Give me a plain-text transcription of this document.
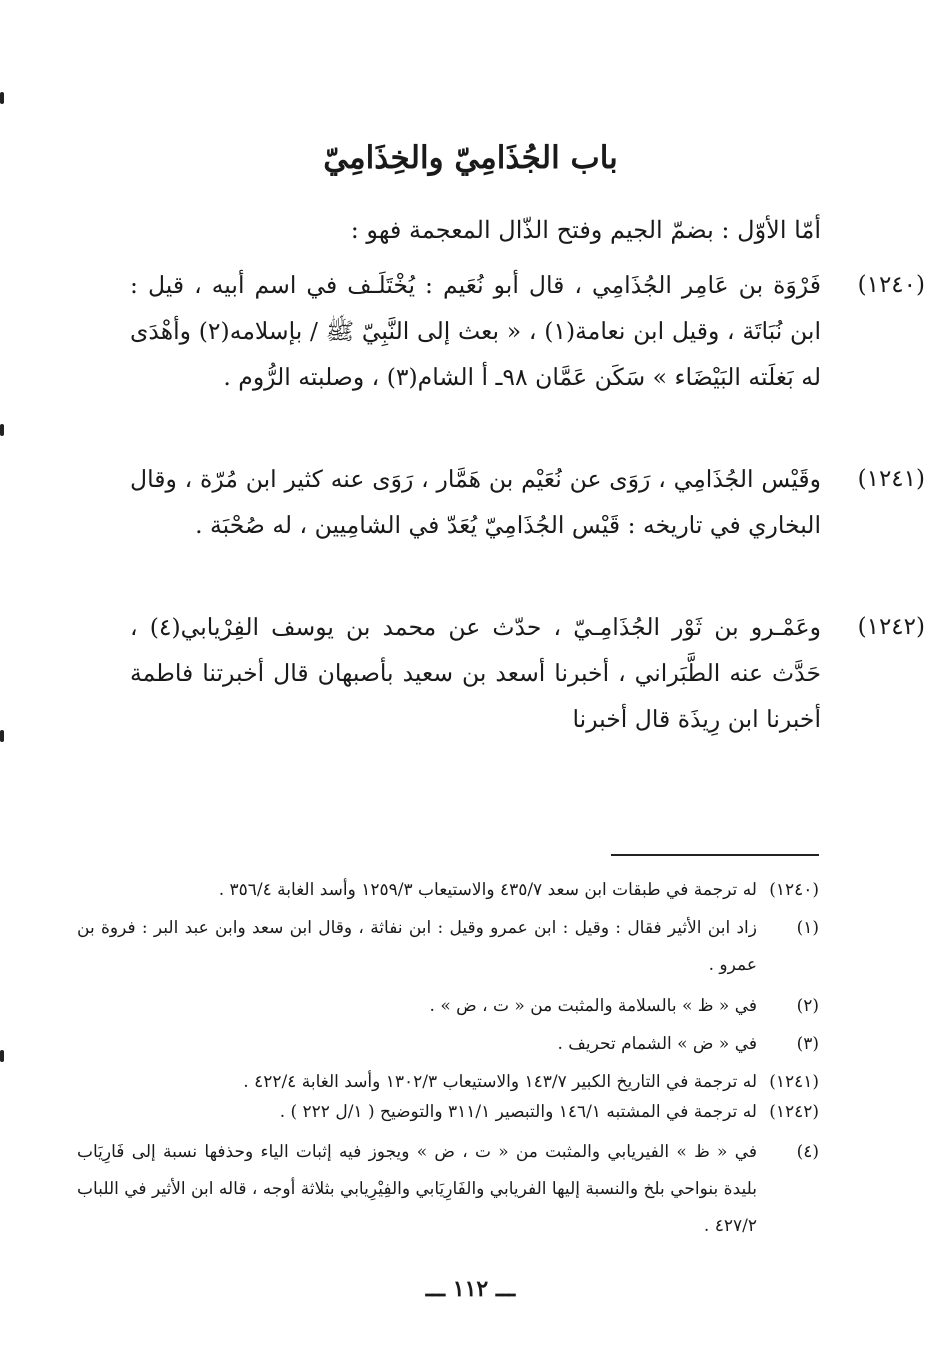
باب الجُذَامِيّ والخِذَامِيّ
أمّا الأوّل : بضمّ الجيم وفتح الذّال المعجمة فهو :
(١٢٤٠)

فَرْوَة بن عَامِر الجُذَامِي ، قال أبو نُعَيم : يُخْتَلَـف في اسم أبيه ، قيل : ابن نُبَاتَة ، وقيل ابن نعامة(١) ، « بعث إلى النَّبِيّ ﷺ / بإسلامه(٢) وأهْدَى له بَغلَته البَيْضَاء » سَكَن عَمَّان ٩٨ـ أ الشام(٣) ، وصلبته الرُّوم .

(١٢٤١)

وقَيْس الجُذَامِي ، رَوَى عن نُعَيْم بن هَمَّار ، رَوَى عنه كثير ابن مُرّة ، وقال البخاري في تاريخه : قَيْس الجُذَامِيّ يُعَدّ في الشامِيين ، له صُحْبَة .

(١٢٤٢)

وعَمْـرو بن ثَوْر الجُذَامِـيّ ، حدّث عن محمد بن يوسف الفِرْيابي(٤) ، حَدَّث عنه الطَّبَراني ، أخبرنا أسعد بن سعيد بأصبهان قال أخبرتنا فاطمة أخبرنا ابن رِيذَة قال أخبرنا

(١٢٤٠)له ترجمة في طبقات ابن سعد ٤٣٥/٧ والاستيعاب ١٢٥٩/٣ وأسد الغابة ٣٥٦/٤ .
(١)زاد ابن الأثير فقال : وقيل : ابن عمرو وقيل : ابن نفاثة ، وقال ابن سعد وابن عبد البر : فروة بن عمرو .
(٢)في « ظ » بالسلامة والمثبت من « ت ، ض » .
(٣)في « ض » الشمام تحريف .
(١٢٤١)له ترجمة في التاريخ الكبير ١٤٣/٧ والاستيعاب ١٣٠٢/٣ وأسد الغابة ٤٢٢/٤ .
(١٢٤٢)له ترجمة في المشتبه ١٤٦/١ والتبصير ٣١١/١ والتوضيح ( ١/ل ٢٢٢ ) .
(٤)في « ظ » الفيريابي والمثبت من « ت ، ض » ويجوز فيه إثبات الياء وحذفها نسبة إلى فَارِيَاب بليدة بنواحي بلخ والنسبة إليها الفريابي والفَارِيَابي والفِيْرِيابي بثلاثة أوجه ، قاله ابن الأثير في اللباب ٤٢٧/٢ .
ـــ ١١٢ ـــ
